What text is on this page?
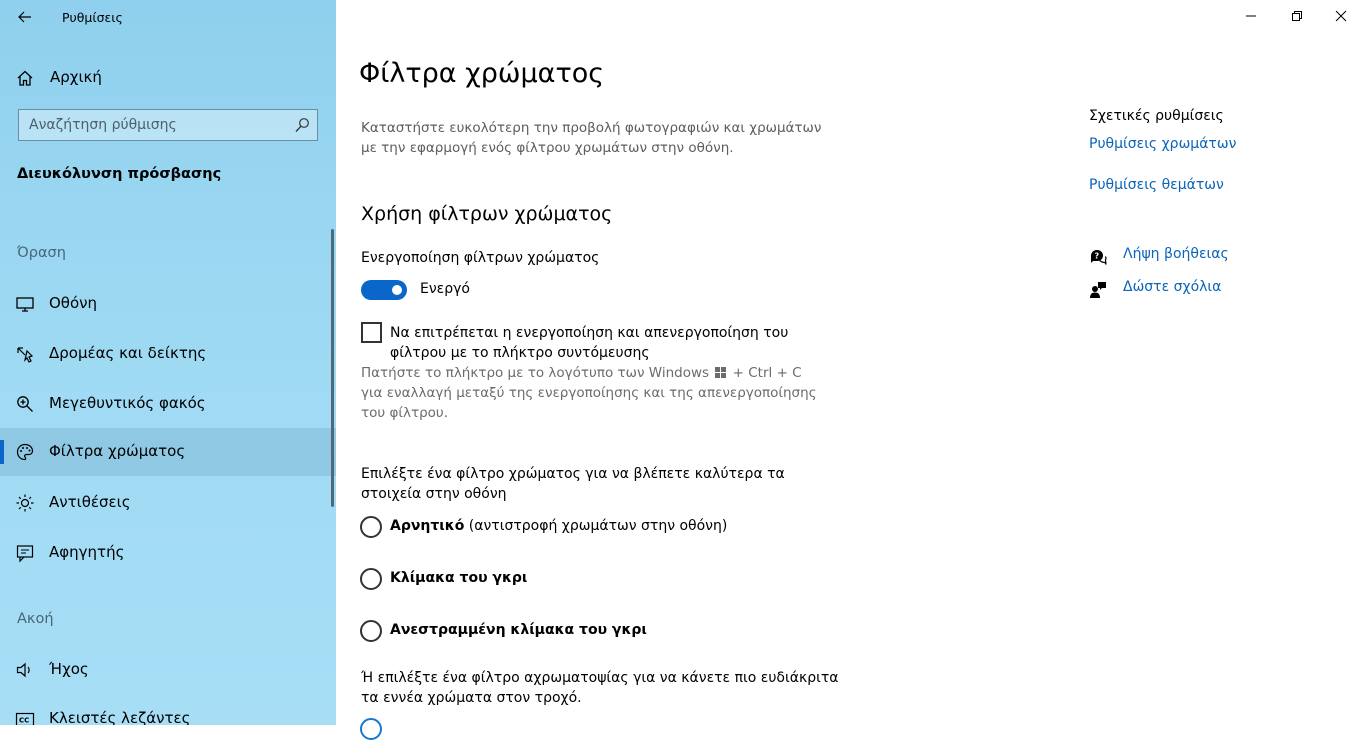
Ρυθμίσεις
Αρχική
Αναζήτηση ρύθμισης
Διευκόλυνση πρόσβασης
Όραση
Οθόνη
Δρομέας και δείκτης
Μεγεθυντικός φακός
Φίλτρα χρώματος
Αντιθέσεις
Αφηγητής
Ακοή
Ήχος
CC Κλειστές λεζάντες
Φίλτρα χρώματος
Καταστήστε ευκολότερη την προβολή φωτογραφιών και χρωμάτων με την εφαρμογή ενός φίλτρου χρωμάτων στην οθόνη.
Χρήση φίλτρων χρώματος
Ενεργοποίηση φίλτρων χρώματος
Ενεργό
Να επιτρέπεται η ενεργοποίηση και απενεργοποίηση του φίλτρου με το πλήκτρο συντόμευσης
Πατήστε το πλήκτρο με το λογότυπο των Windows + Ctrl + C για εναλλαγή μεταξύ της ενεργοποίησης και της απενεργοποίησης του φίλτρου.
Επιλέξτε ένα φίλτρο χρώματος για να βλέπετε καλύτερα τα στοιχεία στην οθόνη
Αρνητικό (αντιστροφή χρωμάτων στην οθόνη)
Κλίμακα του γκρι
Ανεστραμμένη κλίμακα του γκρι
Ή επιλέξτε ένα φίλτρο αχρωματοψίας για να κάνετε πιο ευδιάκριτα τα εννέα χρώματα στον τροχό.
Σχετικές ρυθμίσεις
Ρυθμίσεις χρωμάτων
Ρυθμίσεις θεμάτων
? Λήψη βοήθειας
Δώστε σχόλια
